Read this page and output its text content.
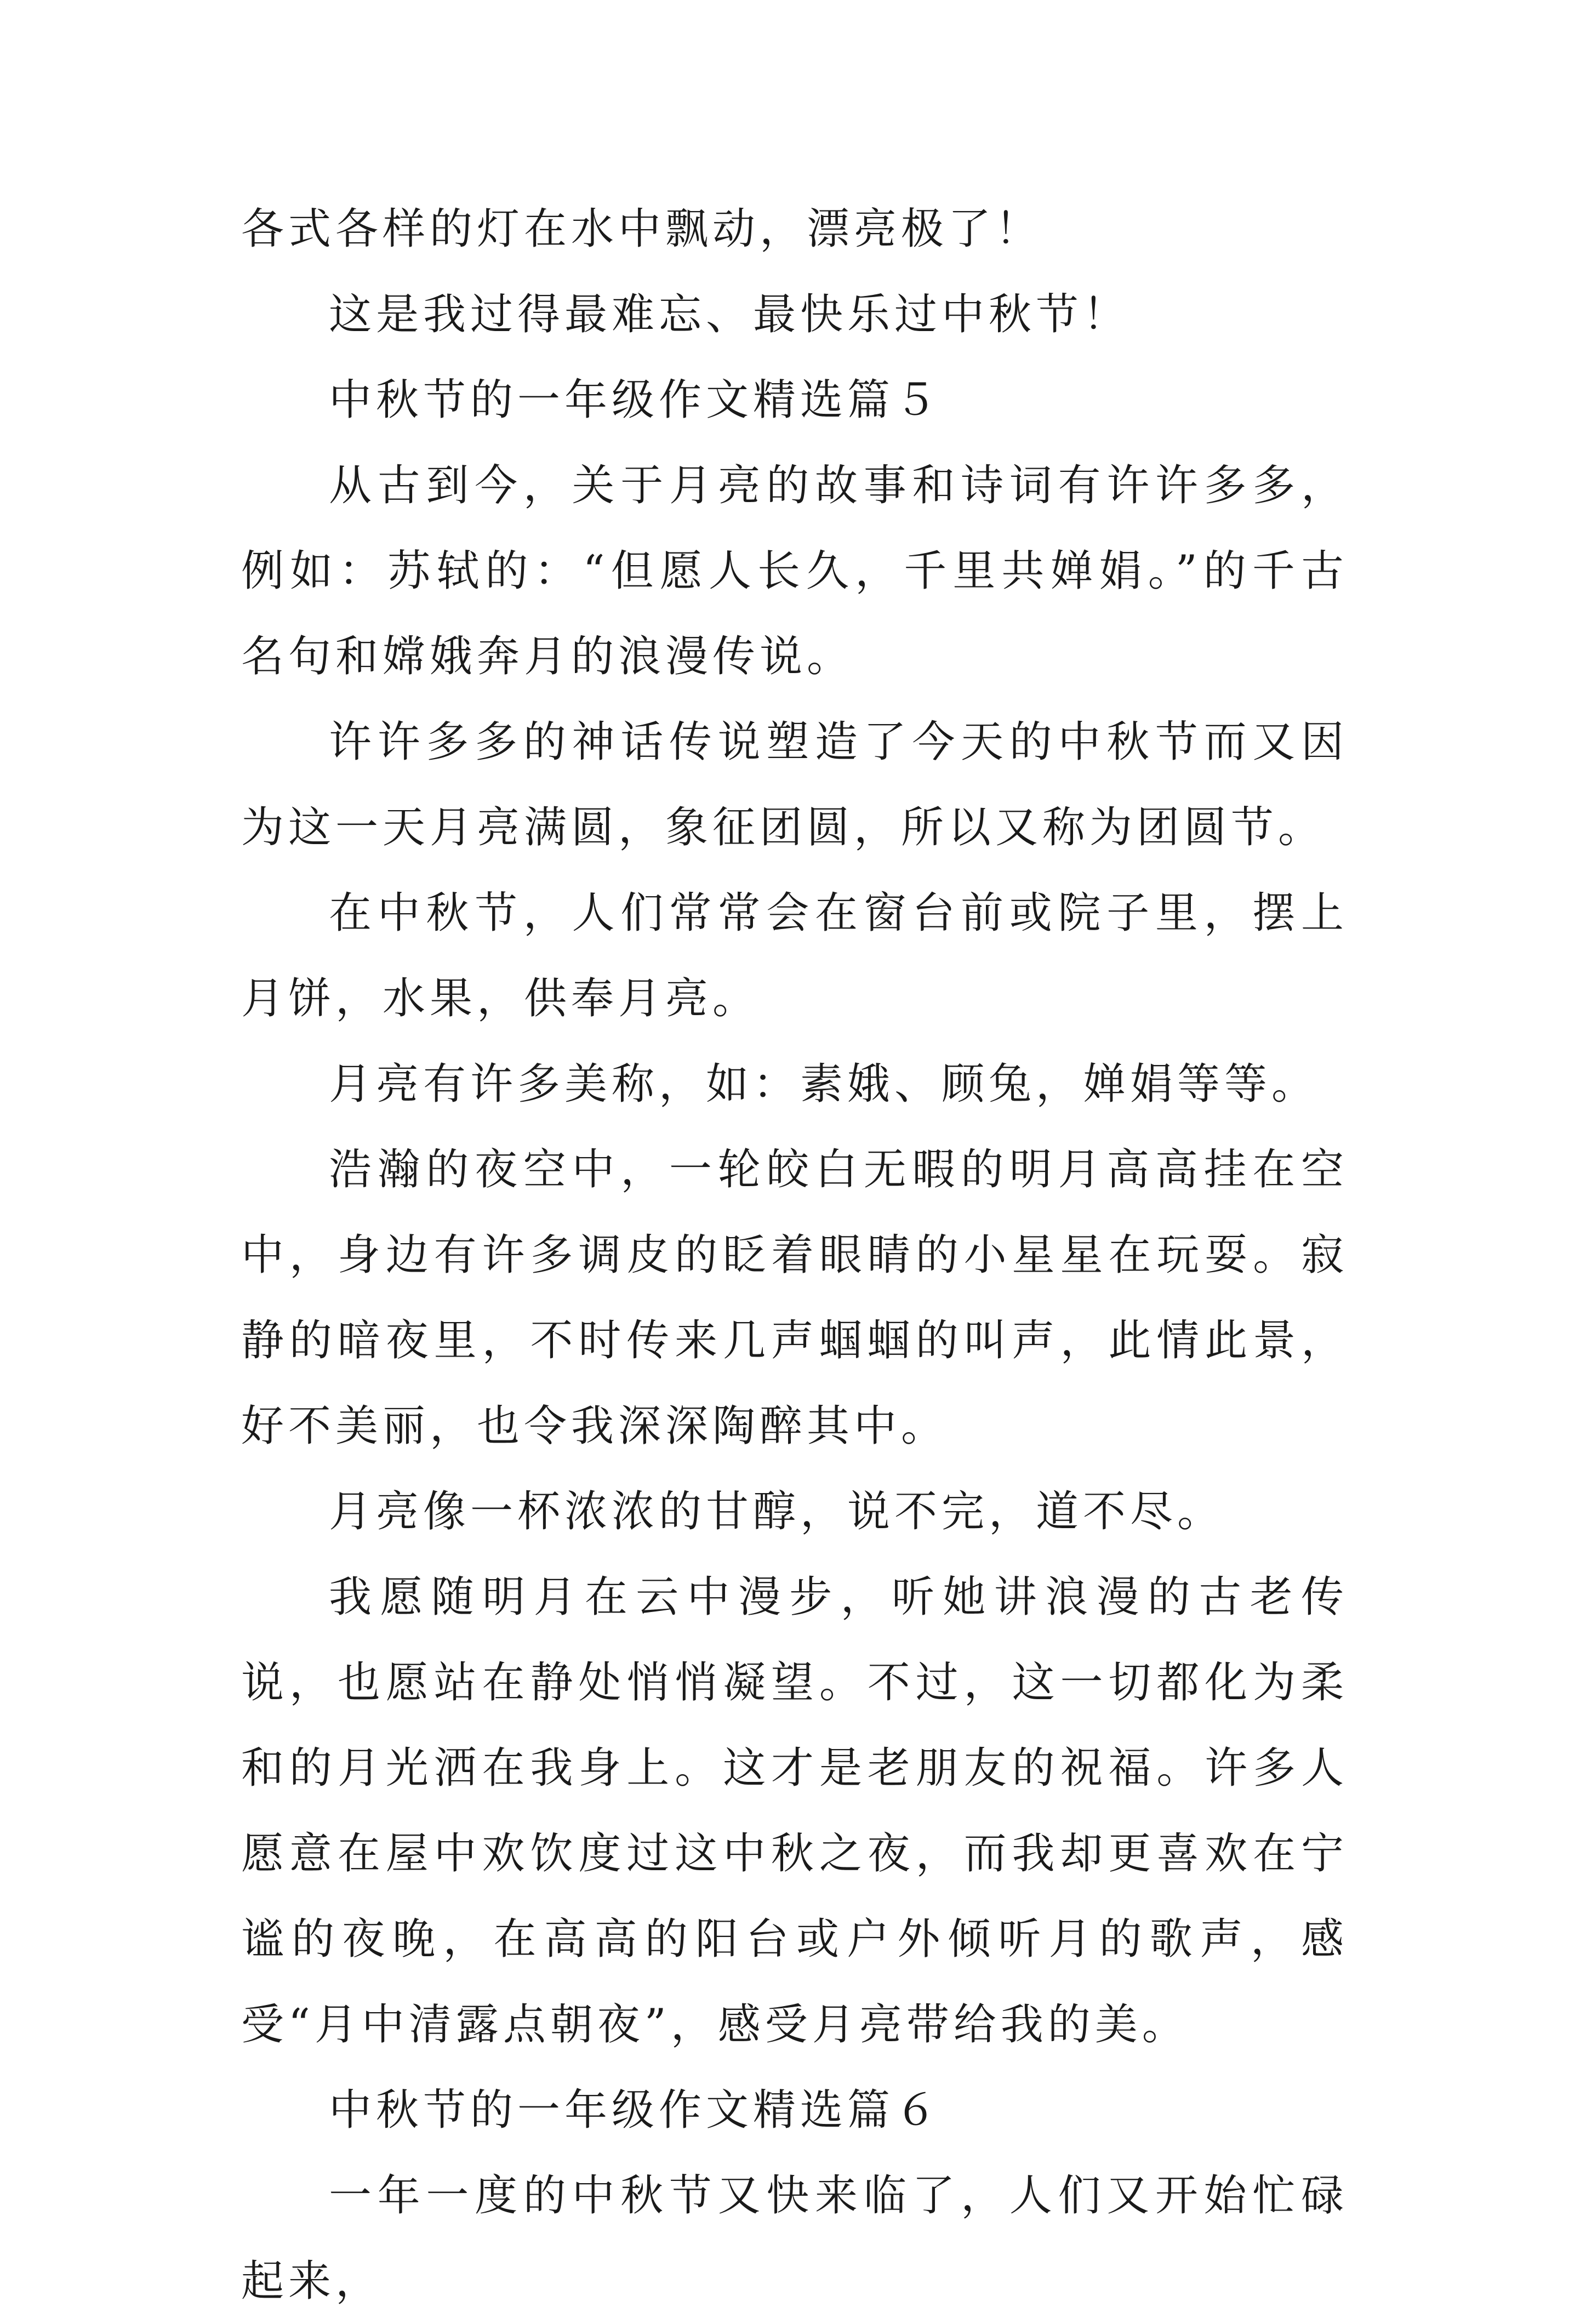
各式各样的灯在水中飘动，漂亮极了！

这是我过得最难忘、最快乐过中秋节！

中秋节的一年级作文精选篇５

从古到今，关于月亮的故事和诗词有许许多多，例如：苏轼的：“但愿人长久，千里共婵娟。”的千古名句和嫦娥奔月的浪漫传说。

许许多多的神话传说塑造了今天的中秋节而又因为这一天月亮满圆，象征团圆，所以又称为团圆节。

在中秋节，人们常常会在窗台前或院子里，摆上月饼，水果，供奉月亮。

月亮有许多美称，如：素娥、顾兔，婵娟等等。

浩瀚的夜空中，一轮皎白无暇的明月高高挂在空中，身边有许多调皮的眨着眼睛的小星星在玩耍。寂静的暗夜里，不时传来几声蝈蝈的叫声，此情此景，好不美丽，也令我深深陶醉其中。

月亮像一杯浓浓的甘醇，说不完，道不尽。

我愿随明月在云中漫步，听她讲浪漫的古老传说，也愿站在静处悄悄凝望。不过，这一切都化为柔和的月光洒在我身上。这才是老朋友的祝福。许多人愿意在屋中欢饮度过这中秋之夜，而我却更喜欢在宁谧的夜晚，在高高的阳台或户外倾听月的歌声，感受“月中清露点朝夜”，感受月亮带给我的美。

中秋节的一年级作文精选篇６

一年一度的中秋节又快来临了，人们又开始忙碌起来，
